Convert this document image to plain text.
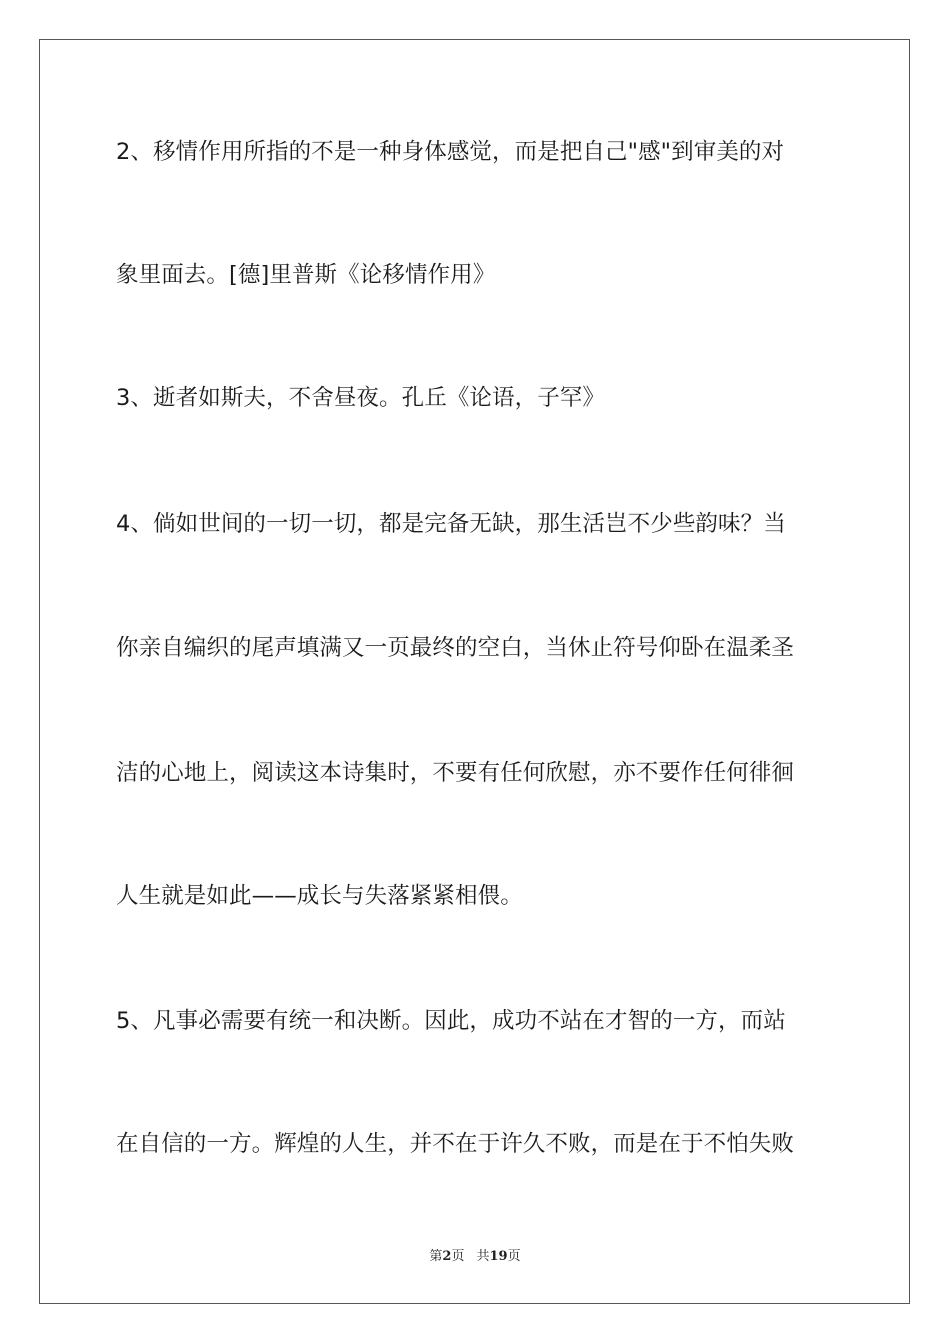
2、移情作用所指的不是一种身体感觉，而是把自己"感"到审美的对
象里面去。[德]里普斯《论移情作用》
3、逝者如斯夫，不舍昼夜。孔丘《论语，子罕》
4、倘如世间的一切一切，都是完备无缺，那生活岂不少些韵味？当
你亲自编织的尾声填满又一页最终的空白，当休止符号仰卧在温柔圣
洁的心地上，阅读这本诗集时，不要有任何欣慰，亦不要作任何徘徊
人生就是如此——成长与失落紧紧相偎。
5、凡事必需要有统一和决断。因此，成功不站在才智的一方，而站
在自信的一方。辉煌的人生，并不在于许久不败，而是在于不怕失败
第2页 共19页
